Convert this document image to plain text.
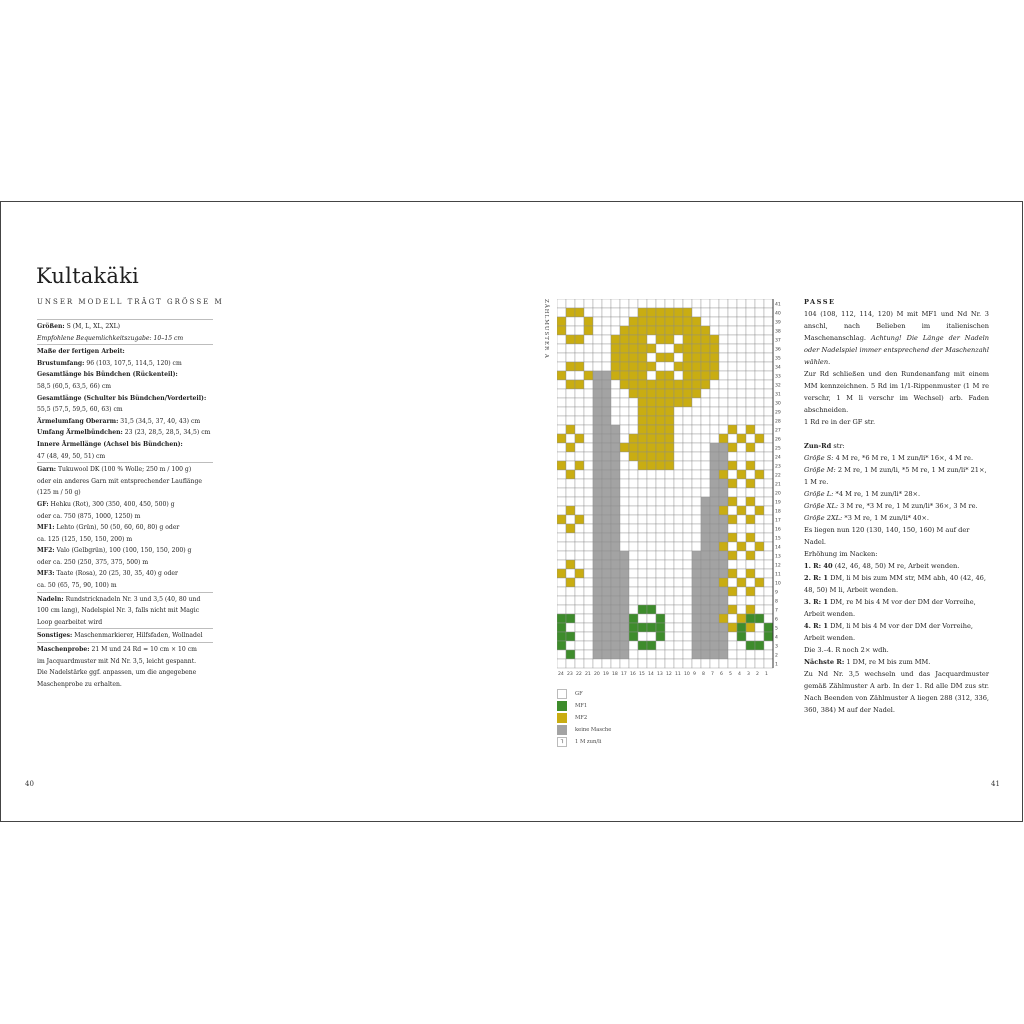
Kultakäki
UNSER MODELL TRÄGT GRÖSSE M

Größen: S (M, L, XL, 2XL)

Empfohlene Bequemlichkeitszugabe: 10–15 cm

Maße der fertigen Arbeit:

Brustumfang: 96 (103, 107,5, 114,5, 120) cm

Gesamtlänge bis Bündchen (Rückenteil):

58,5 (60,5, 63,5, 66) cm

Gesamtlänge (Schulter bis Bündchen/Vorderteil):

55,5 (57,5, 59,5, 60, 63) cm

Ärmelumfang Oberarm: 31,5 (34,5, 37, 40, 43) cm

Umfang Ärmelbündchen: 23 (23, 28,5, 28,5, 34,5) cm

Innere Ärmellänge (Achsel bis Bündchen):

47 (48, 49, 50, 51) cm

Garn: Tukuwool DK (100 % Wolle; 250 m / 100 g)

oder ein anderes Garn mit entsprechender Lauflänge

(125 m / 50 g)

GF: Hehku (Rot), 300 (350, 400, 450, 500) g

oder ca. 750 (875, 1000, 1250) m

MF1: Lehto (Grün), 50 (50, 60, 60, 80) g oder

ca. 125 (125, 150, 150, 200) m

MF2: Valo (Gelbgrün), 100 (100, 150, 150, 200) g

oder ca. 250 (250, 375, 375, 500) m

MF3: Taate (Rosa), 20 (25, 30, 35, 40) g oder

ca. 50 (65, 75, 90, 100) m

Nadeln: Rundstricknadeln Nr. 3 und 3,5 (40, 80 und

100 cm lang), Nadelspiel Nr. 3, falls nicht mit Magic

Loop gearbeitet wird

Sonstiges: Maschenmarkierer, Hilfsfaden, Wollnadel

Maschenprobe: 21 M und 24 Rd = 10 cm × 10 cm

im Jacquardmuster mit Nd Nr. 3,5, leicht gespannt.

Die Nadelstärke ggf. anpassen, um die angegebene

Maschenprobe zu erhalten.

40
ZÄHLMUSTER A	41
40
39
38
37
36
35
34
33
32
31
30
29
28
27
26
25
24
23
22
21
20
19
18
17
16
15
14
13
12
11
10
9
8
7
6
5
4
3
2
1
24 23 22 21 20 19 18 17 16 15 14 13 12 11 10 9 8 7 6 5 4 3 2 1
GF
MF1
MF2
keine Masche
⅂	1 M zun/li

PASSE

104 (108, 112, 114, 120) M mit MF1 und Nd Nr. 3 anschl, nach Belieben im italienischen Maschenanschlag. Achtung! Die Länge der Nadeln oder Nadelspiel immer entsprechend der Maschenzahl wählen.

Zur Rd schließen und den Rundenanfang mit einem MM kennzeichnen. 5 Rd im 1/1-Rippenmuster (1 M re verschr, 1 M li verschr im Wechsel) arb. Faden abschneiden.

1 Rd re in der GF str.

Zun-Rd str:

Größe S: 4 M re, *6 M re, 1 M zun/li* 16×, 4 M re.

Größe M: 2 M re, 1 M zun/li, *5 M re, 1 M zun/li* 21×, 1 M re.

Größe L: *4 M re, 1 M zun/li* 28×.

Größe XL: 3 M re, *3 M re, 1 M zun/li* 36×, 3 M re.

Größe 2XL: *3 M re, 1 M zun/li* 40×.

Es liegen nun 120 (130, 140, 150, 160) M auf der Nadel.

Erhöhung im Nacken:

1. R: 40 (42, 46, 48, 50) M re, Arbeit wenden.

2. R: 1 DM, li M bis zum MM str, MM abh, 40 (42, 46, 48, 50) M li, Arbeit wenden.

3. R: 1 DM, re M bis 4 M vor der DM der Vorreihe, Arbeit wenden.

4. R: 1 DM, li M bis 4 M vor der DM der Vorreihe, Arbeit wenden.

Die 3.–4. R noch 2× wdh.

Nächste R: 1 DM, re M bis zum MM.

Zu Nd Nr. 3,5 wechseln und das Jacquardmuster gemäß Zählmuster A arb. In der 1. Rd alle DM zus str. Nach Beenden von Zählmuster A liegen 288 (312, 336, 360, 384) M auf der Nadel.

41
